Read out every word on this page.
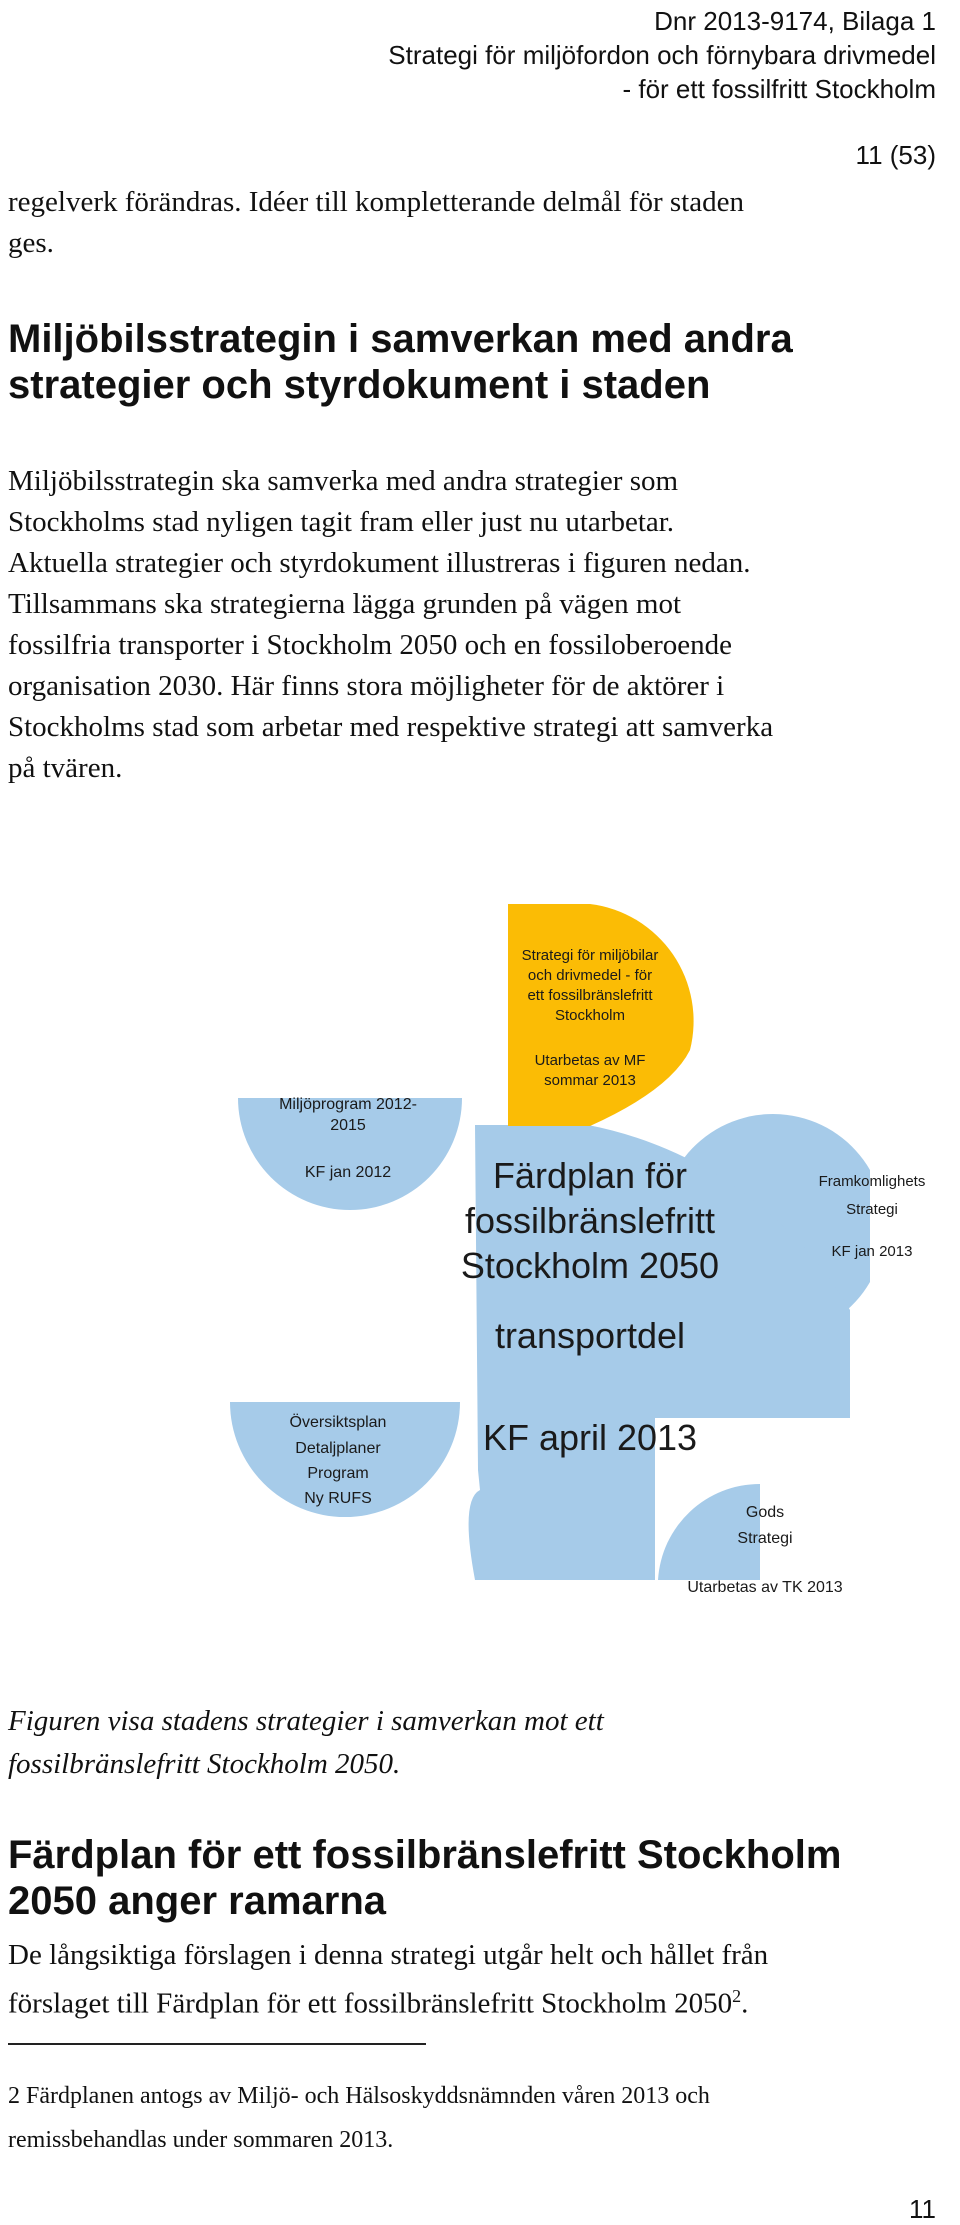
Dnr 2013-9174, Bilaga 1
Strategi för miljöfordon och förnybara drivmedel
- för ett fossilfritt Stockholm
11 (53)
regelverk förändras. Idéer till kompletterande delmål för staden
ges.
Miljöbilsstrategin i samverkan med andra
strategier och styrdokument i staden
Miljöbilsstrategin ska samverka med andra strategier som
Stockholms stad nyligen tagit fram eller just nu utarbetar.
Aktuella strategier och styrdokument illustreras i figuren nedan.
Tillsammans ska strategierna lägga grunden på vägen mot
fossilfria transporter i Stockholm 2050 och en fossiloberoende
organisation 2030. Här finns stora möjligheter för de aktörer i
Stockholms stad som arbetar med respektive strategi att samverka
på tvären.
Strategi för miljöbilar
och drivmedel - för
ett fossilbränslefritt
Stockholm
Utarbetas av MF
sommar 2013
Miljöprogram 2012-
2015
KF jan 2012	Färdplan för
fossilbränslefritt
Stockholm 2050
transportdel
KF april 2013
Framkomlighets
Strategi
KF jan 2013
Översiktsplan
Detaljplaner
Program
Ny RUFS
Gods
Strategi
Utarbetas av TK 2013
Figuren visa stadens strategier i samverkan mot ett
fossilbränslefritt Stockholm 2050.
Färdplan för ett fossilbränslefritt Stockholm
2050 anger ramarna
De långsiktiga förslagen i denna strategi utgår helt och hållet från
förslaget till Färdplan för ett fossilbränslefritt Stockholm 2050$^2$.
2 Färdplanen antogs av Miljö- och Hälsoskyddsnämnden våren 2013 och
remissbehandlas under sommaren 2013.
11
